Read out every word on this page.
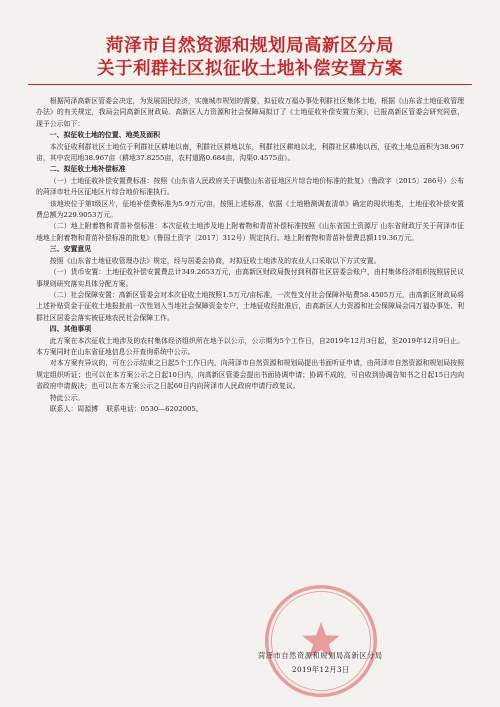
菏泽市自然资源和规划局高新区分局
关于利群社区拟征收土地补偿安置方案

根据菏泽高新区管委会决定，为发展国民经济，实施城市规划的需要，拟征收万福办事处利群社区集体土地，根据《山东省土地征收管理办法》的有关规定，我局会同高新区财政局、高新区人力资源和社会保障局拟订了《土地征收补偿安置方案》，已报高新区管委会研究同意，现予公示如下：

一、拟征收土地的位置、地类及面积

本次征收利群社区土地位于利群社区耕地以南，利群社区耕地以东，利群社区耕地以北，利群社区耕地以西，征收土地总面积为38.967亩，其中农用地38.967亩（耕地37.8255亩，农村道路0.684亩，沟渠0.4575亩）。

二、拟征收土地补偿标准

（一）土地征收补偿安置费标准：按照《山东省人民政府关于调整山东省征地区片综合地价标准的批复》（鲁政字〔2015〕286号）公布的菏泽市牡丹区征地区片综合地价标准执行。

该地块位于第Ⅰ级区片，征地补偿费标准为5.9万元/亩，按照上述标准，依据《土地勘测调查清单》确定的现状地类，土地征收补偿安置费总额为229.9053万元。

（二）地上附着物和青苗补偿标准：本次征收土地涉及地上附着物和青苗补偿标准按照《山东省国土资源厅 山东省财政厅关于菏泽市征地地上附着物和青苗补偿标准的批复》（鲁国土资字〔2017〕312号）规定执行。地上附着物和青苗补偿费总额119.36万元。

三、安置意见

按照《山东省土地征收管理办法》规定，经与居委会协商，对拟征收土地涉及的农业人口采取以下方式安置。

（一）货币安置：土地征收补偿安置费总计349.2653万元，由高新区财政局拨付到利群社区居委会账户，由村集体经济组织按照居民议事规则研究落实具体分配方案。

（二）社会保障安置：高新区管委会对本次征收土地按照1.5万元/亩标准，一次性支付社会保障补贴费58.4505万元，由高新区财政局将上述补贴资金于征收土地报批前一次性划入当地社会保障资金专户，土地征收经批准后，由高新区人力资源和社会保障局会同万福办事处、利群社区居委会落实被征地农民社会保障工作。

四、其他事项

此方案在本次征收土地涉及的农村集体经济组织所在地予以公示，公示期为5个工作日，自2019年12月3日起，至2019年12月9日止。本方案同时在山东省征地信息公开查询系统中公示。

对本方案有异议的，可在公示结束之日起5个工作日内，向菏泽市自然资源和规划局提出书面听证申请，由菏泽市自然资源和规划局按照规定组织听证；也可以在本方案公示之日起10日内，向高新区管委会提出书面协调申请；协调不成的，可自收到协调告知书之日起15日内向省政府申请裁决；也可以在本方案公示之日起60日内向菏泽市人民政府申请行政复议。

特此公示。

联系人：周源博 联系电话：0530—6202005。

菏泽市自然资源和规划局高新区分局
2019年12月3日
